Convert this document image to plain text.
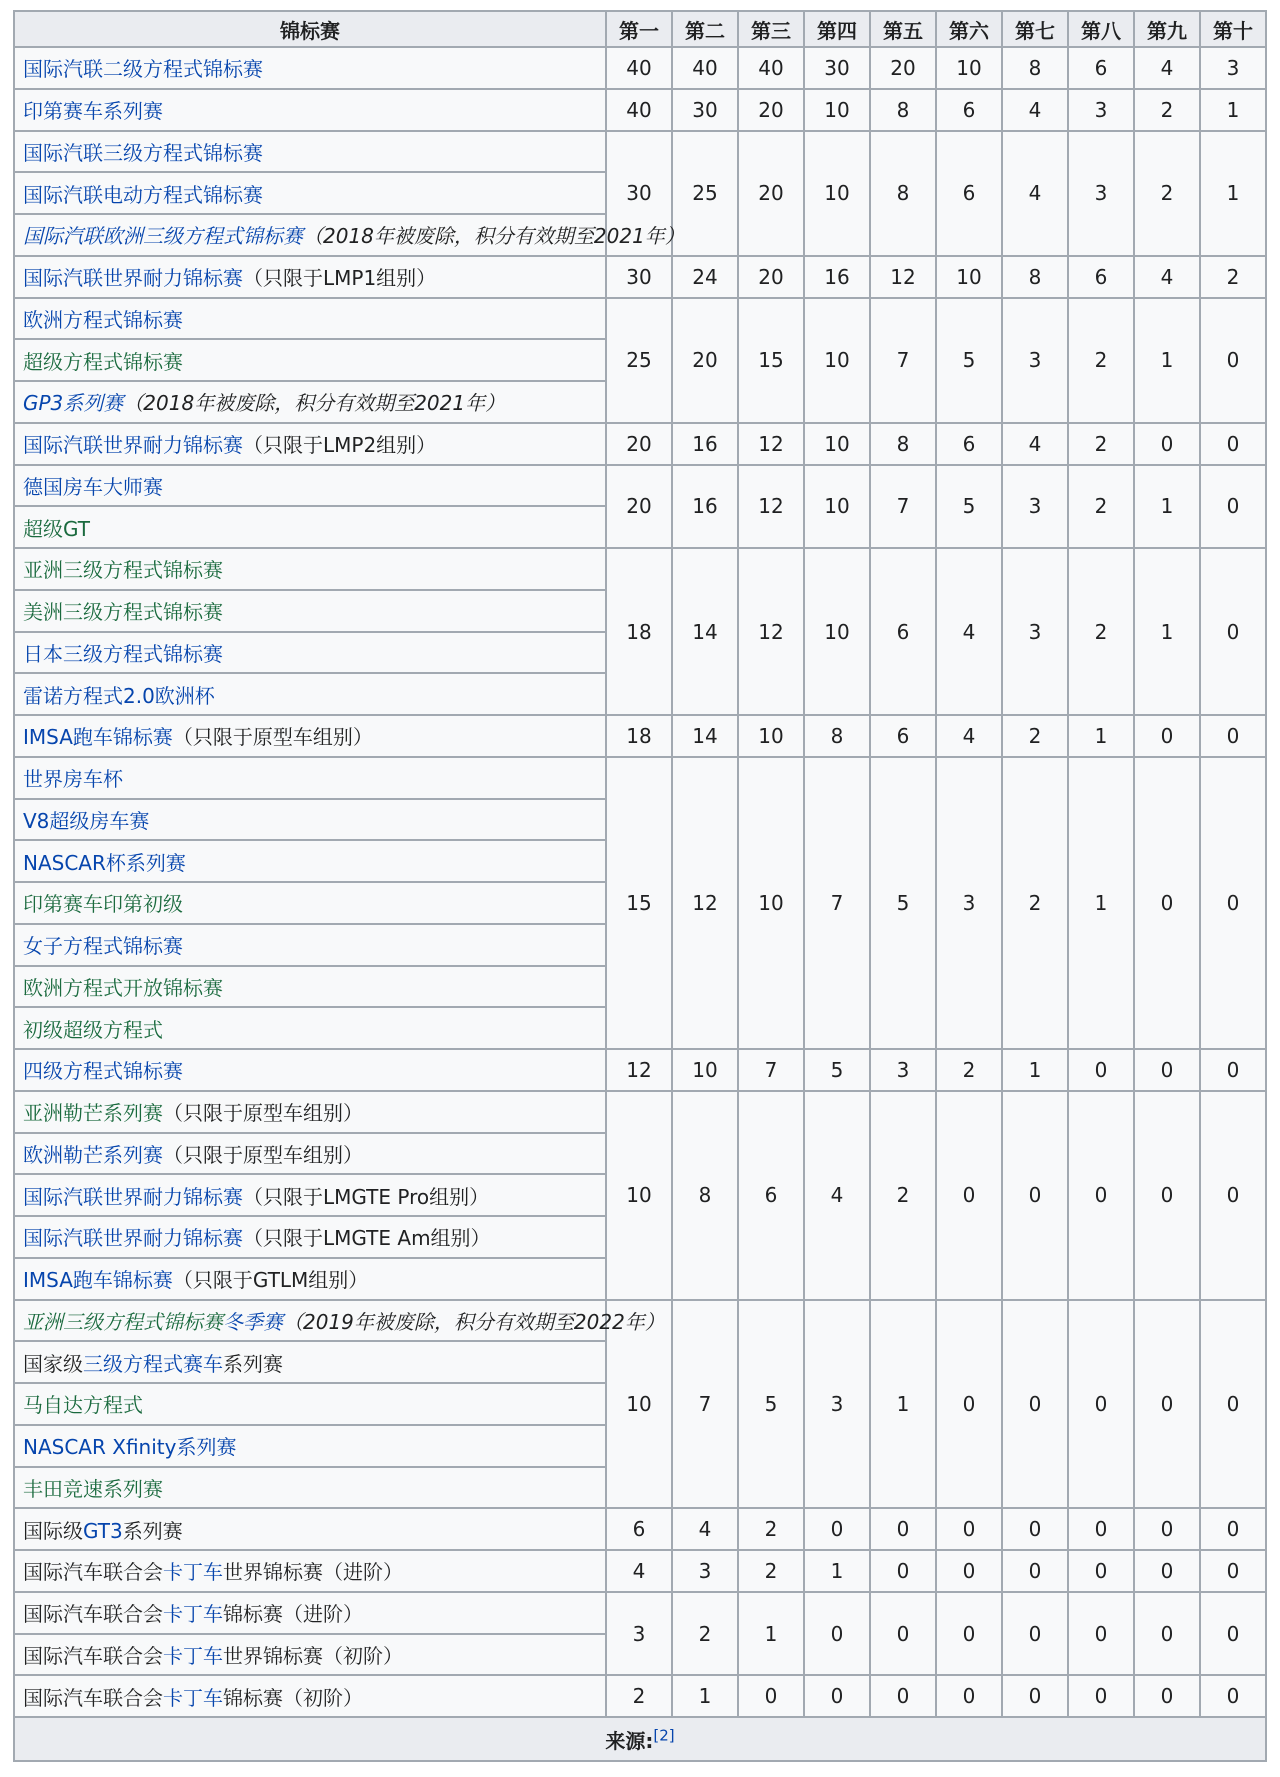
锦标赛	第一	第二	第三	第四	第五	第六	第七	第八	第九	第十
国际汽联二级方程式锦标赛	40	40	40	30	20	10	8	6	4	3
印第赛车系列赛	40	30	20	10	8	6	4	3	2	1
国际汽联三级方程式锦标赛	30	25	20	10	8	6	4	3	2	1
国际汽联电动方程式锦标赛										
国际汽联欧洲三级方程式锦标赛（2018年被废除，积分有效期至2021年）										
国际汽联世界耐力锦标赛（只限于LMP1组别）	30	24	20	16	12	10	8	6	4	2
欧洲方程式锦标赛	25	20	15	10	7	5	3	2	1	0
超级方程式锦标赛										
GP3系列赛（2018年被废除，积分有效期至2021年）										
国际汽联世界耐力锦标赛（只限于LMP2组别）	20	16	12	10	8	6	4	2	0	0
德国房车大师赛	20	16	12	10	7	5	3	2	1	0
超级GT										
亚洲三级方程式锦标赛	18	14	12	10	6	4	3	2	1	0
美洲三级方程式锦标赛										
日本三级方程式锦标赛										
雷诺方程式2.0欧洲杯										
IMSA跑车锦标赛（只限于原型车组别）	18	14	10	8	6	4	2	1	0	0
世界房车杯	15	12	10	7	5	3	2	1	0	0
V8超级房车赛										
NASCAR杯系列赛										
印第赛车印第初级										
女子方程式锦标赛										
欧洲方程式开放锦标赛										
初级超级方程式										
四级方程式锦标赛	12	10	7	5	3	2	1	0	0	0
亚洲勒芒系列赛（只限于原型车组别）	10	8	6	4	2	0	0	0	0	0
欧洲勒芒系列赛（只限于原型车组别）										
国际汽联世界耐力锦标赛（只限于LMGTE Pro组别）										
国际汽联世界耐力锦标赛（只限于LMGTE Am组别）										
IMSA跑车锦标赛（只限于GTLM组别）										
亚洲三级方程式锦标赛冬季赛（2019年被废除，积分有效期至2022年）	10	7	5	3	1	0	0	0	0	0
国家级三级方程式赛车系列赛										
马自达方程式										
NASCAR Xfinity系列赛										
丰田竞速系列赛										
国际级GT3系列赛	6	4	2	0	0	0	0	0	0	0
国际汽车联合会卡丁车世界锦标赛（进阶）	4	3	2	1	0	0	0	0	0	0
国际汽车联合会卡丁车锦标赛（进阶）	3	2	1	0	0	0	0	0	0	0
国际汽车联合会卡丁车世界锦标赛（初阶）										
国际汽车联合会卡丁车锦标赛（初阶）	2	1	0	0	0	0	0	0	0	0
来源:[2]
